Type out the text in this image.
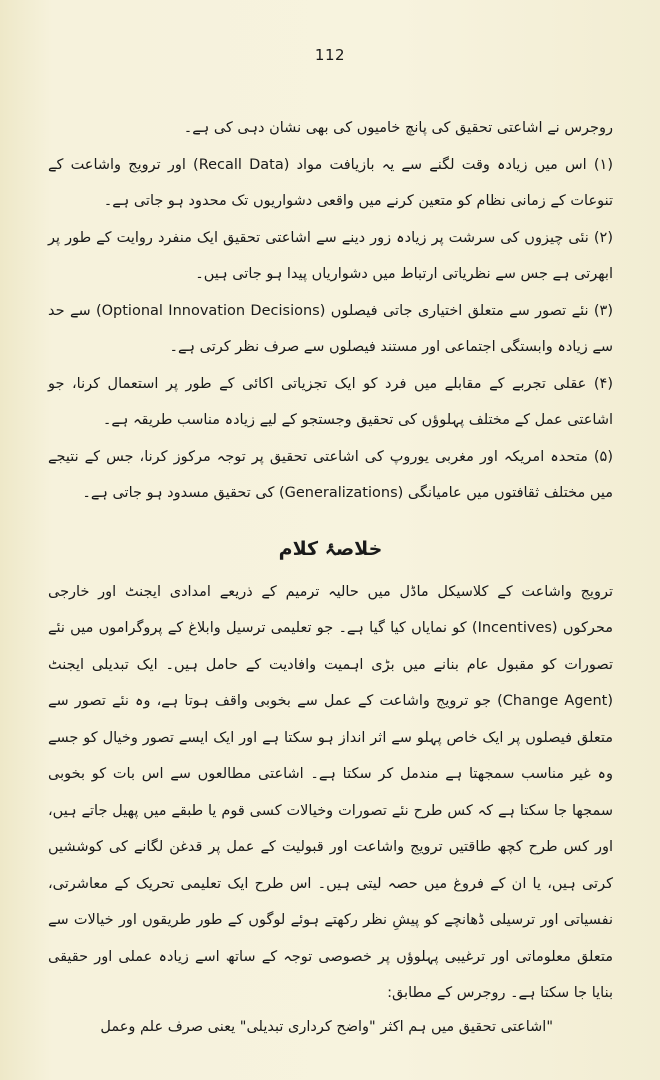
112

روجرس نے اشاعتی تحقیق کی پانچ خامیوں کی بھی نشان دہی کی ہے۔

(۱) اس میں زیادہ وقت لگنے سے یہ بازیافت مواد (Recall Data) اور ترویج واشاعت کے تنوعات کے زمانی نظام کو متعین کرنے میں واقعی دشواریوں تک محدود ہو جاتی ہے۔

(۲) نئی چیزوں کی سرشت پر زیادہ زور دینے سے اشاعتی تحقیق ایک منفرد روایت کے طور پر ابھرتی ہے جس سے نظریاتی ارتباط میں دشواریاں پیدا ہو جاتی ہیں۔

(۳) نئے تصور سے متعلق اختیاری جاتی فیصلوں (Optional Innovation Decisions) سے حد سے زیادہ وابستگی اجتماعی اور مستند فیصلوں سے صرف نظر کرتی ہے۔

(۴) عقلی تجربے کے مقابلے میں فرد کو ایک تجزیاتی اکائی کے طور پر استعمال کرنا، جو اشاعتی عمل کے مختلف پہلوؤں کی تحقیق وجستجو کے لیے زیادہ مناسب طریقہ ہے۔

(۵) متحدہ امریکہ اور مغربی یوروپ کی اشاعتی تحقیق پر توجہ مرکوز کرنا، جس کے نتیجے میں مختلف ثقافتوں میں عامیانگی (Generalizations) کی تحقیق مسدود ہو جاتی ہے۔

خلاصۂ کلام

ترویج واشاعت کے کلاسیکل ماڈل میں حالیہ ترمیم کے ذریعے امدادی ایجنٹ اور خارجی محرکوں (Incentives) کو نمایاں کیا گیا ہے۔ جو تعلیمی ترسیل وابلاغ کے پروگراموں میں نئے تصورات کو مقبول عام بنانے میں بڑی اہمیت وافادیت کے حامل ہیں۔ ایک تبدیلی ایجنٹ (Change Agent) جو ترویج واشاعت کے عمل سے بخوبی واقف ہوتا ہے، وہ نئے تصور سے متعلق فیصلوں پر ایک خاص پہلو سے اثر انداز ہو سکتا ہے اور ایک ایسے تصور وخیال کو جسے وہ غیر مناسب سمجھتا ہے مندمل کر سکتا ہے۔ اشاعتی مطالعوں سے اس بات کو بخوبی سمجھا جا سکتا ہے کہ کس طرح نئے تصورات وخیالات کسی قوم یا طبقے میں پھیل جاتے ہیں، اور کس طرح کچھ طاقتیں ترویج واشاعت اور قبولیت کے عمل پر قدغن لگانے کی کوششیں کرتی ہیں، یا ان کے فروغ میں حصہ لیتی ہیں۔ اس طرح ایک تعلیمی تحریک کے معاشرتی، نفسیاتی اور ترسیلی ڈھانچے کو پیشِ نظر رکھتے ہوئے لوگوں کے طور طریقوں اور خیالات سے متعلق معلوماتی اور ترغیبی پہلوؤں پر خصوصی توجہ کے ساتھ اسے زیادہ عملی اور حقیقی بنایا جا سکتا ہے۔ روجرس کے مطابق:

"اشاعتی تحقیق میں ہم اکثر "واضح کرداری تبدیلی" یعنی صرف علم وعمل
